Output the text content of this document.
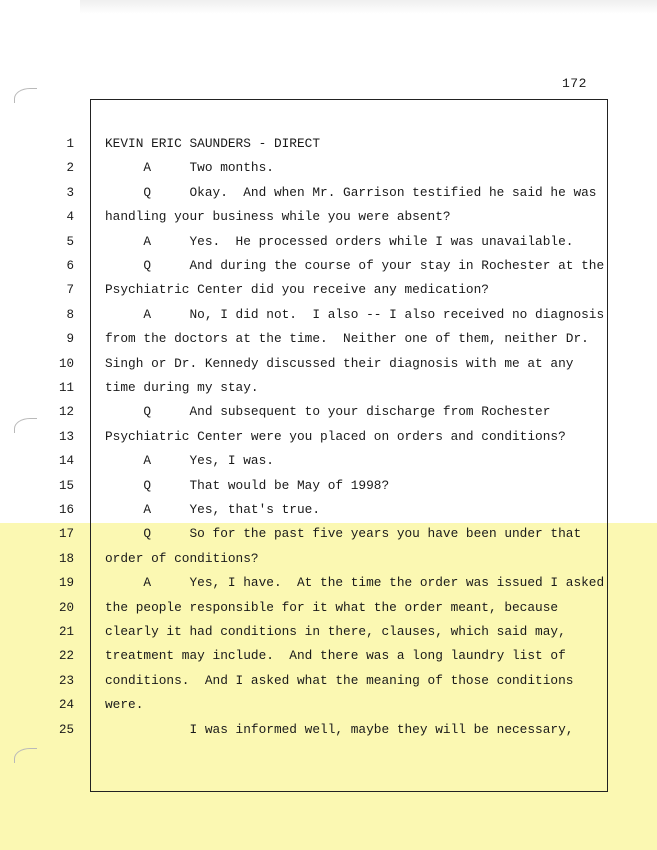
172
1 KEVIN ERIC SAUNDERS - DIRECT
2 A     Two months.
3 Q     Okay.  And when Mr. Garrison testified he said he was
4 handling your business while you were absent?
5 A     Yes.  He processed orders while I was unavailable.
6 Q     And during the course of your stay in Rochester at the
7 Psychiatric Center did you receive any medication?
8 A     No, I did not.  I also -- I also received no diagnosis
9 from the doctors at the time.  Neither one of them, neither Dr.
10 Singh or Dr. Kennedy discussed their diagnosis with me at any
11 time during my stay.
12 Q     And subsequent to your discharge from Rochester
13 Psychiatric Center were you placed on orders and conditions?
14 A     Yes, I was.
15 Q     That would be May of 1998?
16 A     Yes, that's true.
17 Q     So for the past five years you have been under that
18 order of conditions?
19 A     Yes, I have.  At the time the order was issued I asked
20 the people responsible for it what the order meant, because
21 clearly it had conditions in there, clauses, which said may,
22 treatment may include.  And there was a long laundry list of
23 conditions.  And I asked what the meaning of those conditions
24 were.
25 I was informed well, maybe they will be necessary,
